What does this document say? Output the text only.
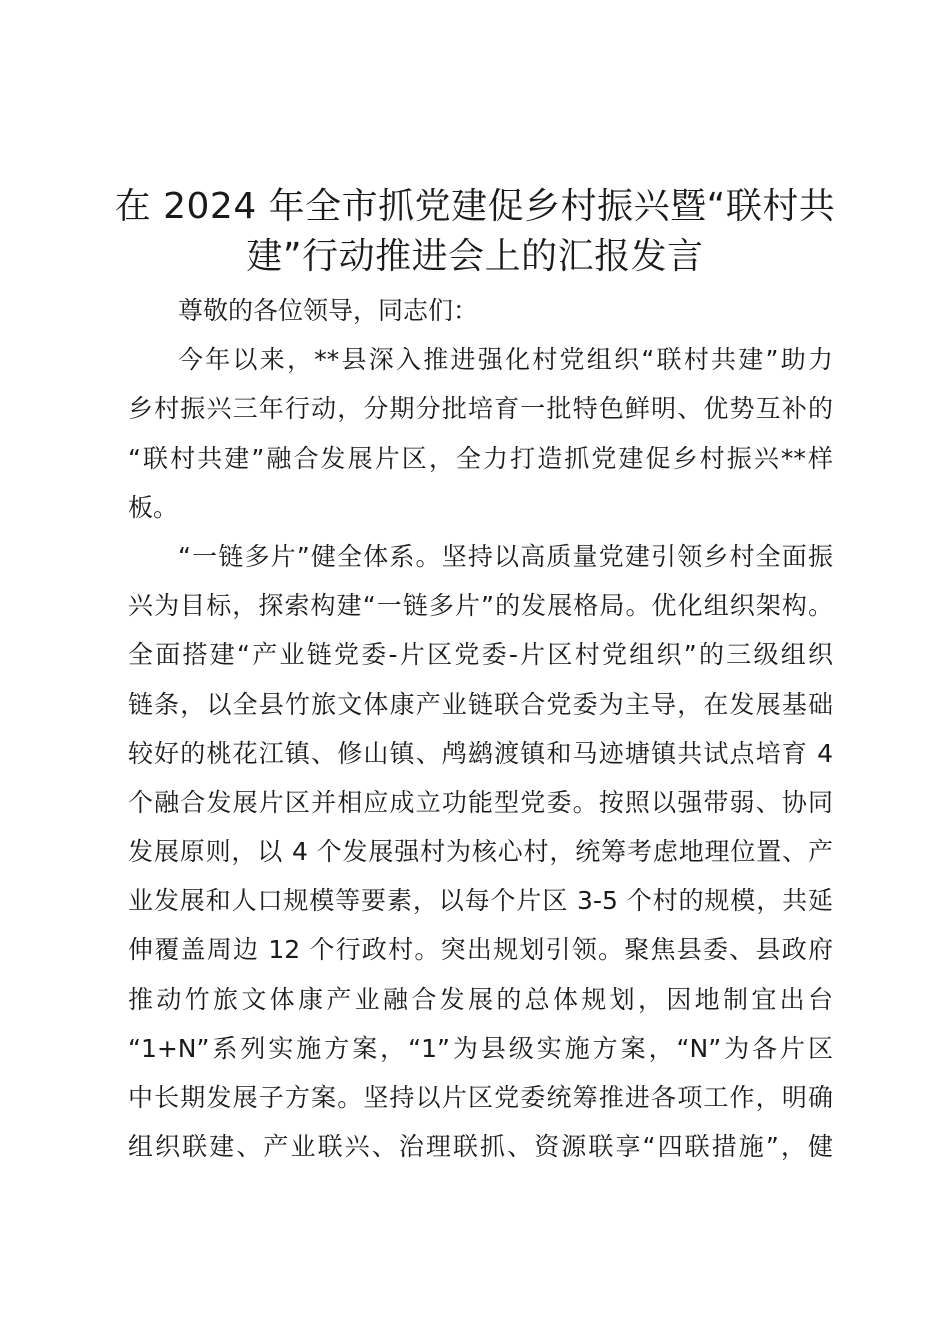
在 2024 年全市抓党建促乡村振兴暨“联村共
建”行动推进会上的汇报发言
尊敬的各位领导，同志们：
今年以来，**县深入推进强化村党组织“联村共建”助力
乡村振兴三年行动，分期分批培育一批特色鲜明、优势互补的
“联村共建”融合发展片区，全力打造抓党建促乡村振兴**样
板。
“一链多片”健全体系。坚持以高质量党建引领乡村全面振
兴为目标，探索构建“一链多片”的发展格局。优化组织架构。
全面搭建“产业链党委-片区党委-片区村党组织”的三级组织
链条，以全县竹旅文体康产业链联合党委为主导，在发展基础
较好的桃花江镇、修山镇、鸬鹚渡镇和马迹塘镇共试点培育 4
个融合发展片区并相应成立功能型党委。按照以强带弱、协同
发展原则，以 4 个发展强村为核心村，统筹考虑地理位置、产
业发展和人口规模等要素，以每个片区 3-5 个村的规模，共延
伸覆盖周边 12 个行政村。突出规划引领。聚焦县委、县政府
推动竹旅文体康产业融合发展的总体规划，因地制宜出台
“1+N”系列实施方案，“1”为县级实施方案，“N”为各片区
中长期发展子方案。坚持以片区党委统筹推进各项工作，明确
组织联建、产业联兴、治理联抓、资源联享“四联措施”，健
